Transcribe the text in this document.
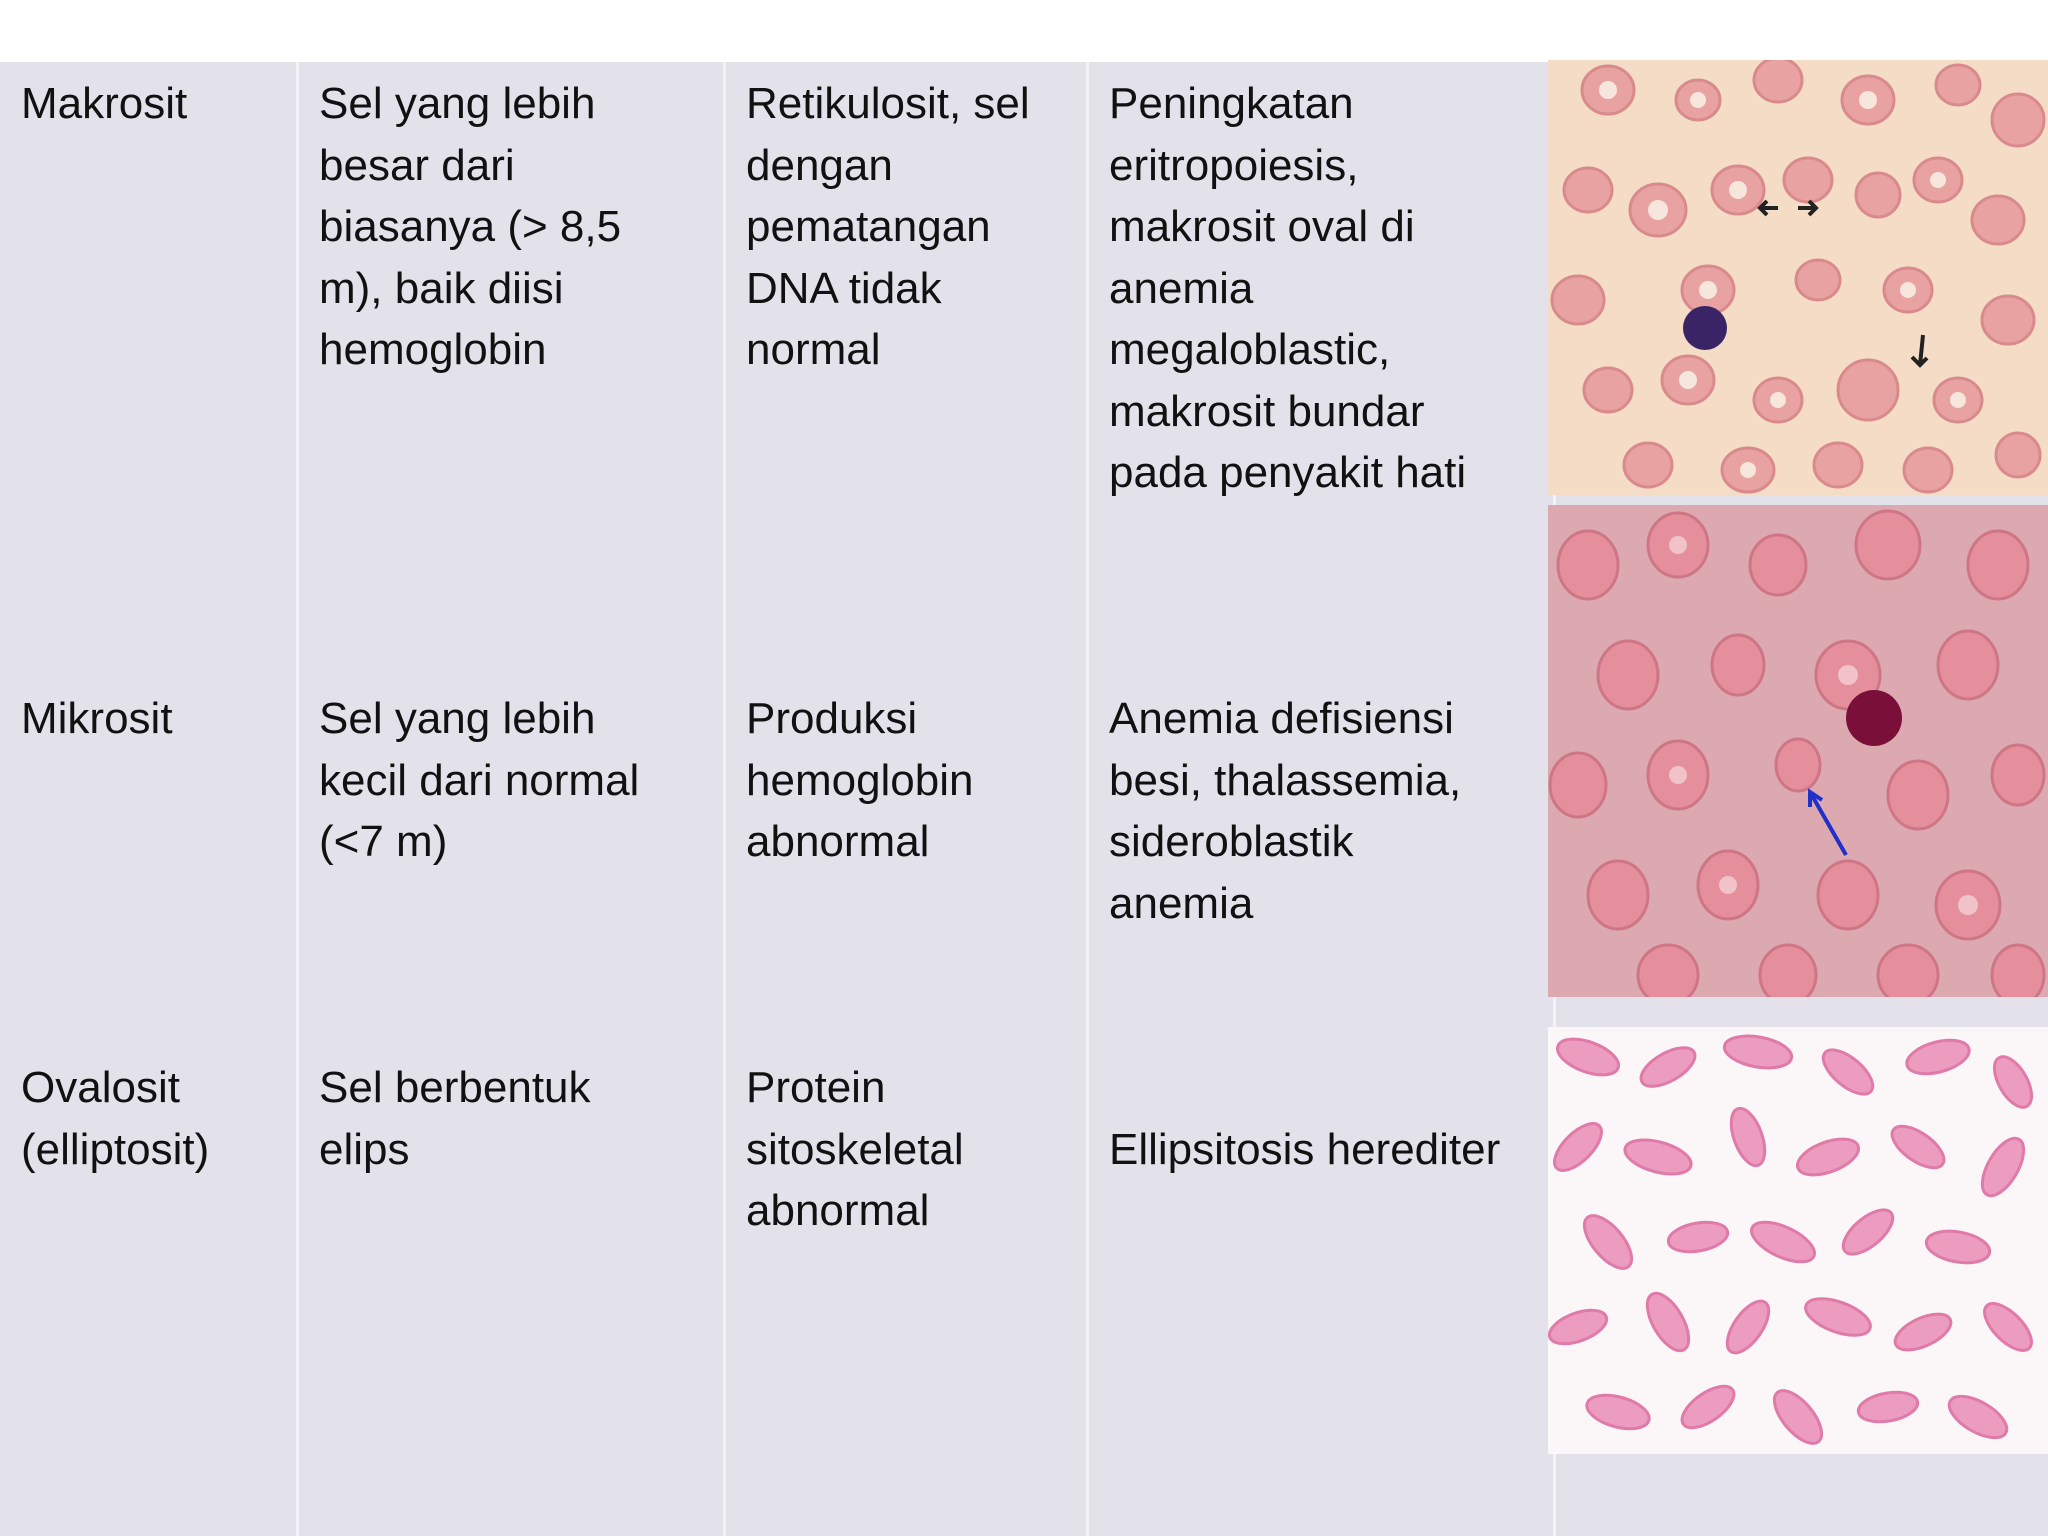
Makrosit	Sel yang lebih
besar dari
biasanya (> 8,5
m), baik diisi
hemoglobin
Retikulosit, sel
dengan
pematangan
DNA tidak
normal
Peningkatan
eritropoiesis,
makrosit oval di
anemia
megaloblastic,
makrosit bundar
pada penyakit hati
Mikrosit	Sel yang lebih
kecil dari normal
(<7 m)
Produksi
hemoglobin
abnormal
Anemia defisiensi
besi, thalassemia,
sideroblastik
anemia
Ovalosit
(elliptosit)
Sel berbentuk
elips
Protein
sitoskeletal
abnormal
Ellipsitosis herediter
